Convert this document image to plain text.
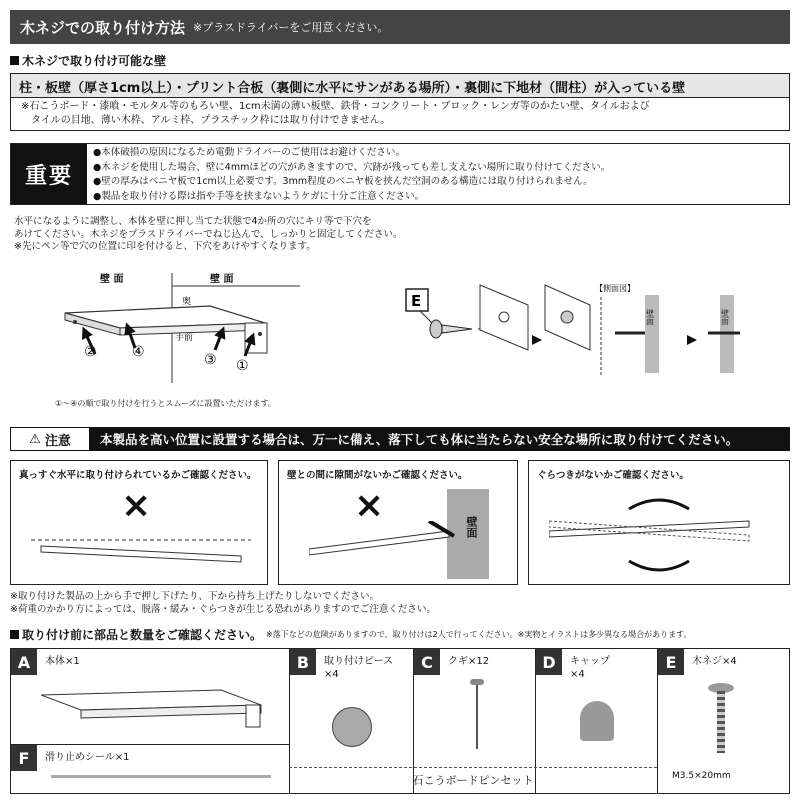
木ネジでの取り付け方法 ※プラスドライバーをご用意ください。
木ネジで取り付け可能な壁
柱・板壁（厚さ1cm以上）・プリント合板（裏側に水平にサンがある場所）・裏側に下地材（間柱）が入っている壁
※石こうボード・漆喰・モルタル等のもろい壁、1cm未満の薄い板壁、鉄骨・コンクリート・ブロック・レンガ等のかたい壁、タイルおよび
タイルの目地、薄い木枠、アルミ枠、プラスチック枠には取り付けできません。
重要
●本体破損の原因になるため電動ドライバーのご使用はお避けください。
●木ネジを使用した場合、壁に4mmほどの穴があきますので、穴跡が残っても差し支えない場所に取り付けてください。
●壁の厚みはベニヤ板で1cm以上必要です。3mm程度のベニヤ板を挟んだ空洞のある構造には取り付けられません。
●製品を取り付ける際は指や手等を挟まないようケガに十分ご注意ください。
水平になるように調整し、本体を壁に押し当てた状態で4か所の穴にキリ等で下穴を
あけてください。木ネジをプラスドライバーでねじ込んで、しっかりと固定してください。
※先にペン等で穴の位置に印を付けると、下穴をあけやすくなります。
壁 面	壁 面
奥
手前
②	④	③ ①
①～④の順で取り付けを行うとスムーズに設置いただけます。
E
【側面図】
壁面	壁面
⚠ 注意	本製品を高い位置に設置する場合は、万一に備え、落下しても体に当たらない安全な場所に取り付けてください。
真っすぐ水平に取り付けられているかご確認ください。
×
壁との間に隙間がないかご確認ください。
×
壁面
ぐらつきがないかご確認ください。
※取り付けた製品の上から手で押し下げたり、下から持ち上げたりしないでください。
※荷重のかかり方によっては、脱落・緩み・ぐらつきが生じる恐れがありますのでご注意ください。
取り付け前に部品と数量をご確認ください。 ※落下などの危険がありますので、取り付けは2人で行ってください。※実物とイラストは多少異なる場合があります。
A	本体×1
F	滑り止めシール×1
B	取り付けピース
×4
C	クギ×12	D	キャップ
×4
石こうボードピンセット
E	木ネジ×4
M3.5×20mm
